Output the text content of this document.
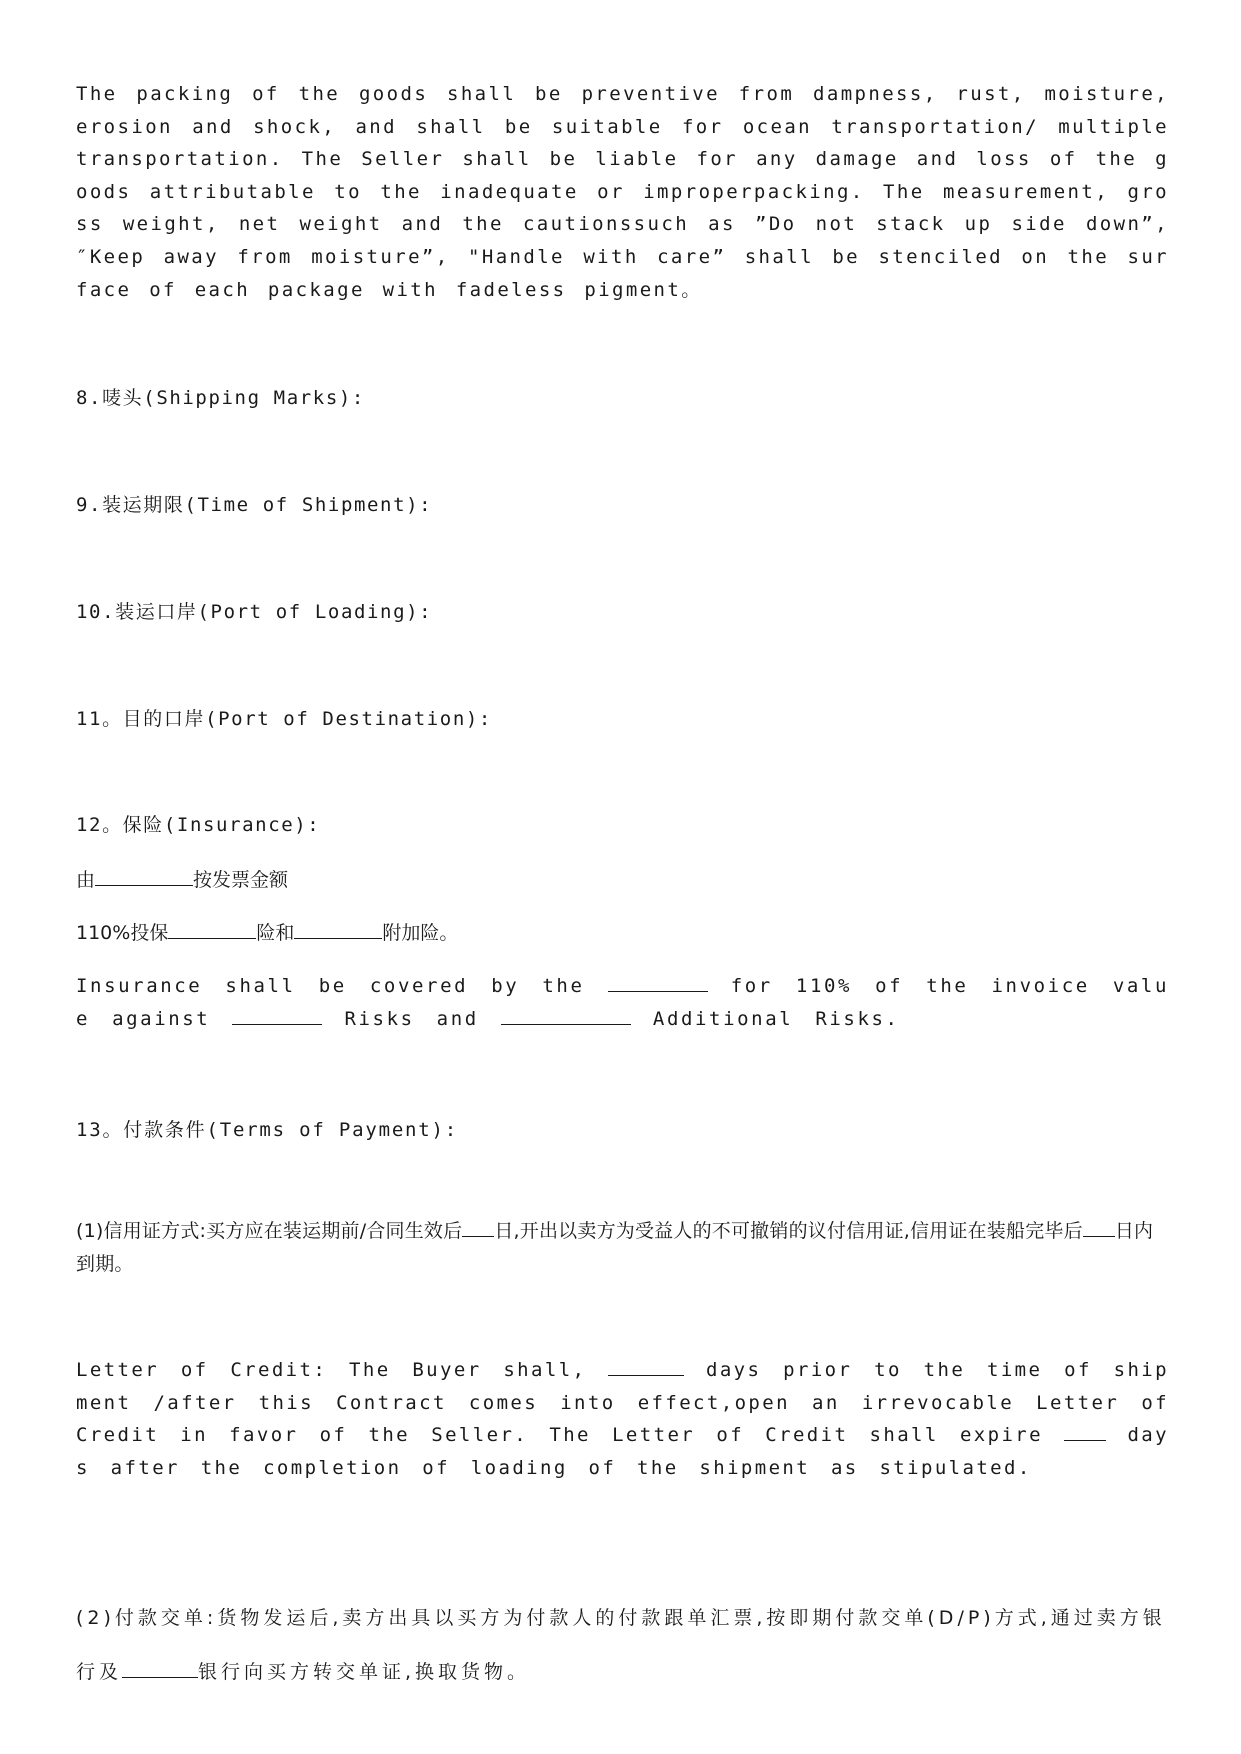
The packing of the goods shall be preventive from dampness, rust, moisture, erosion and shock, and shall be suitable for ocean transportation/ multiple transportation. The Seller shall be liable for any damage and loss of the goods attributable to the inadequate or improperpacking. The measurement, gross weight, net weight and the cautionssuch as ”Do not stack up side down”, ″Keep away from moisture”, "Handle with care” shall be stenciled on the surface of each package with fadeless pigment。

8.唛头(Shipping Marks):

9.装运期限(Time of Shipment):

10.装运口岸(Port of Loading):

11。目的口岸(Port of Destination):

12。保险(Insurance):

由	按发票金额

110%投保	险和	附加险。

Insurance shall be covered by the	for 110% of the invoice value against	Risks and	Additional Risks.

13。付款条件(Terms of Payment):

(1)信用证方式:买方应在装运期前/合同生效后 日,开出以卖方为受益人的不可撤销的议付信用证,信用证在装船完毕后 日内到期。

Letter of Credit: The Buyer shall,	days prior to the time of shipment /after this Contract comes into effect,open an irrevocable Letter of Credit in favor of the Seller. The Letter of Credit shall expire	days after the completion of loading of the shipment as stipulated.

(2)付款交单:货物发运后,卖方出具以买方为付款人的付款跟单汇票,按即期付款交单(D/P)方式,通过卖方银行及	银行向买方转交单证,换取货物。
